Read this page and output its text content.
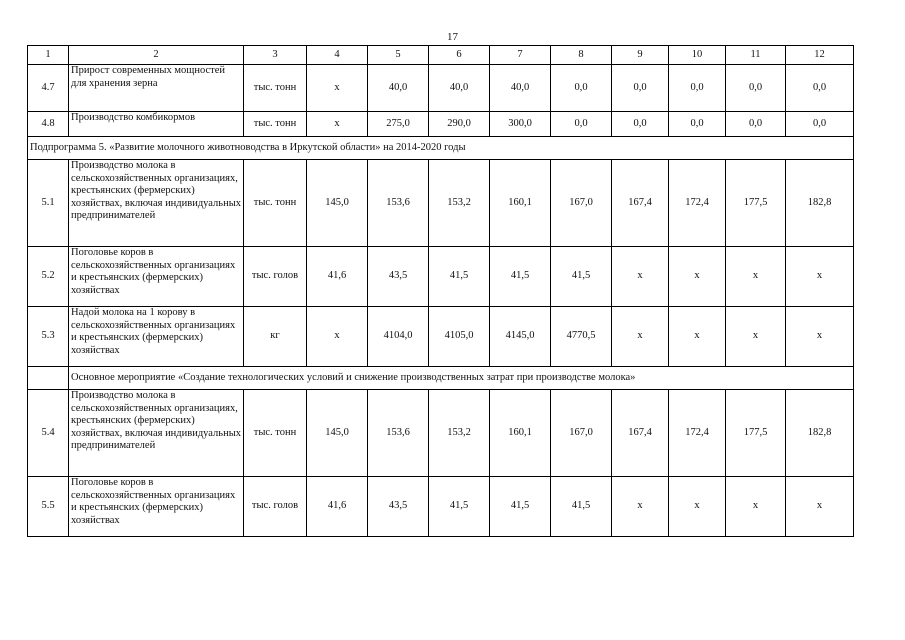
17
1	2	3	4	5	6	7	8	9	10	11	12
4.7	Прирост современных мощностей для хранения зерна	тыс. тонн	х	40,0	40,0	40,0	0,0	0,0	0,0	0,0	0,0
4.8	Производство комбикормов	тыс. тонн	х	275,0	290,0	300,0	0,0	0,0	0,0	0,0	0,0
Подпрограмма 5. «Развитие молочного животноводства в Иркутской области» на 2014-2020 годы											
5.1	Производство молока в сельскохозяйственных организациях, крестьянских (фермерских) хозяйствах, включая индивидуальных предпринимателей	тыс. тонн	145,0	153,6	153,2	160,1	167,0	167,4	172,4	177,5	182,8
5.2	Поголовье коров в сельскохозяйственных организациях и крестьянских (фермерских) хозяйствах	тыс. голов	41,6	43,5	41,5	41,5	41,5	х	х	х	х
5.3	Надой молока на 1 корову в сельскохозяйственных организациях и крестьянских (фермерских) хозяйствах	кг	х	4104,0	4105,0	4145,0	4770,5	х	х	х	х
	Основное мероприятие «Создание технологических условий и снижение производственных затрат при производстве молока»										
5.4	Производство молока в сельскохозяйственных организациях, крестьянских (фермерских) хозяйствах, включая индивидуальных предпринимателей	тыс. тонн	145,0	153,6	153,2	160,1	167,0	167,4	172,4	177,5	182,8
5.5	Поголовье коров в сельскохозяйственных организациях и крестьянских (фермерских) хозяйствах	тыс. голов	41,6	43,5	41,5	41,5	41,5	х	х	х	х
